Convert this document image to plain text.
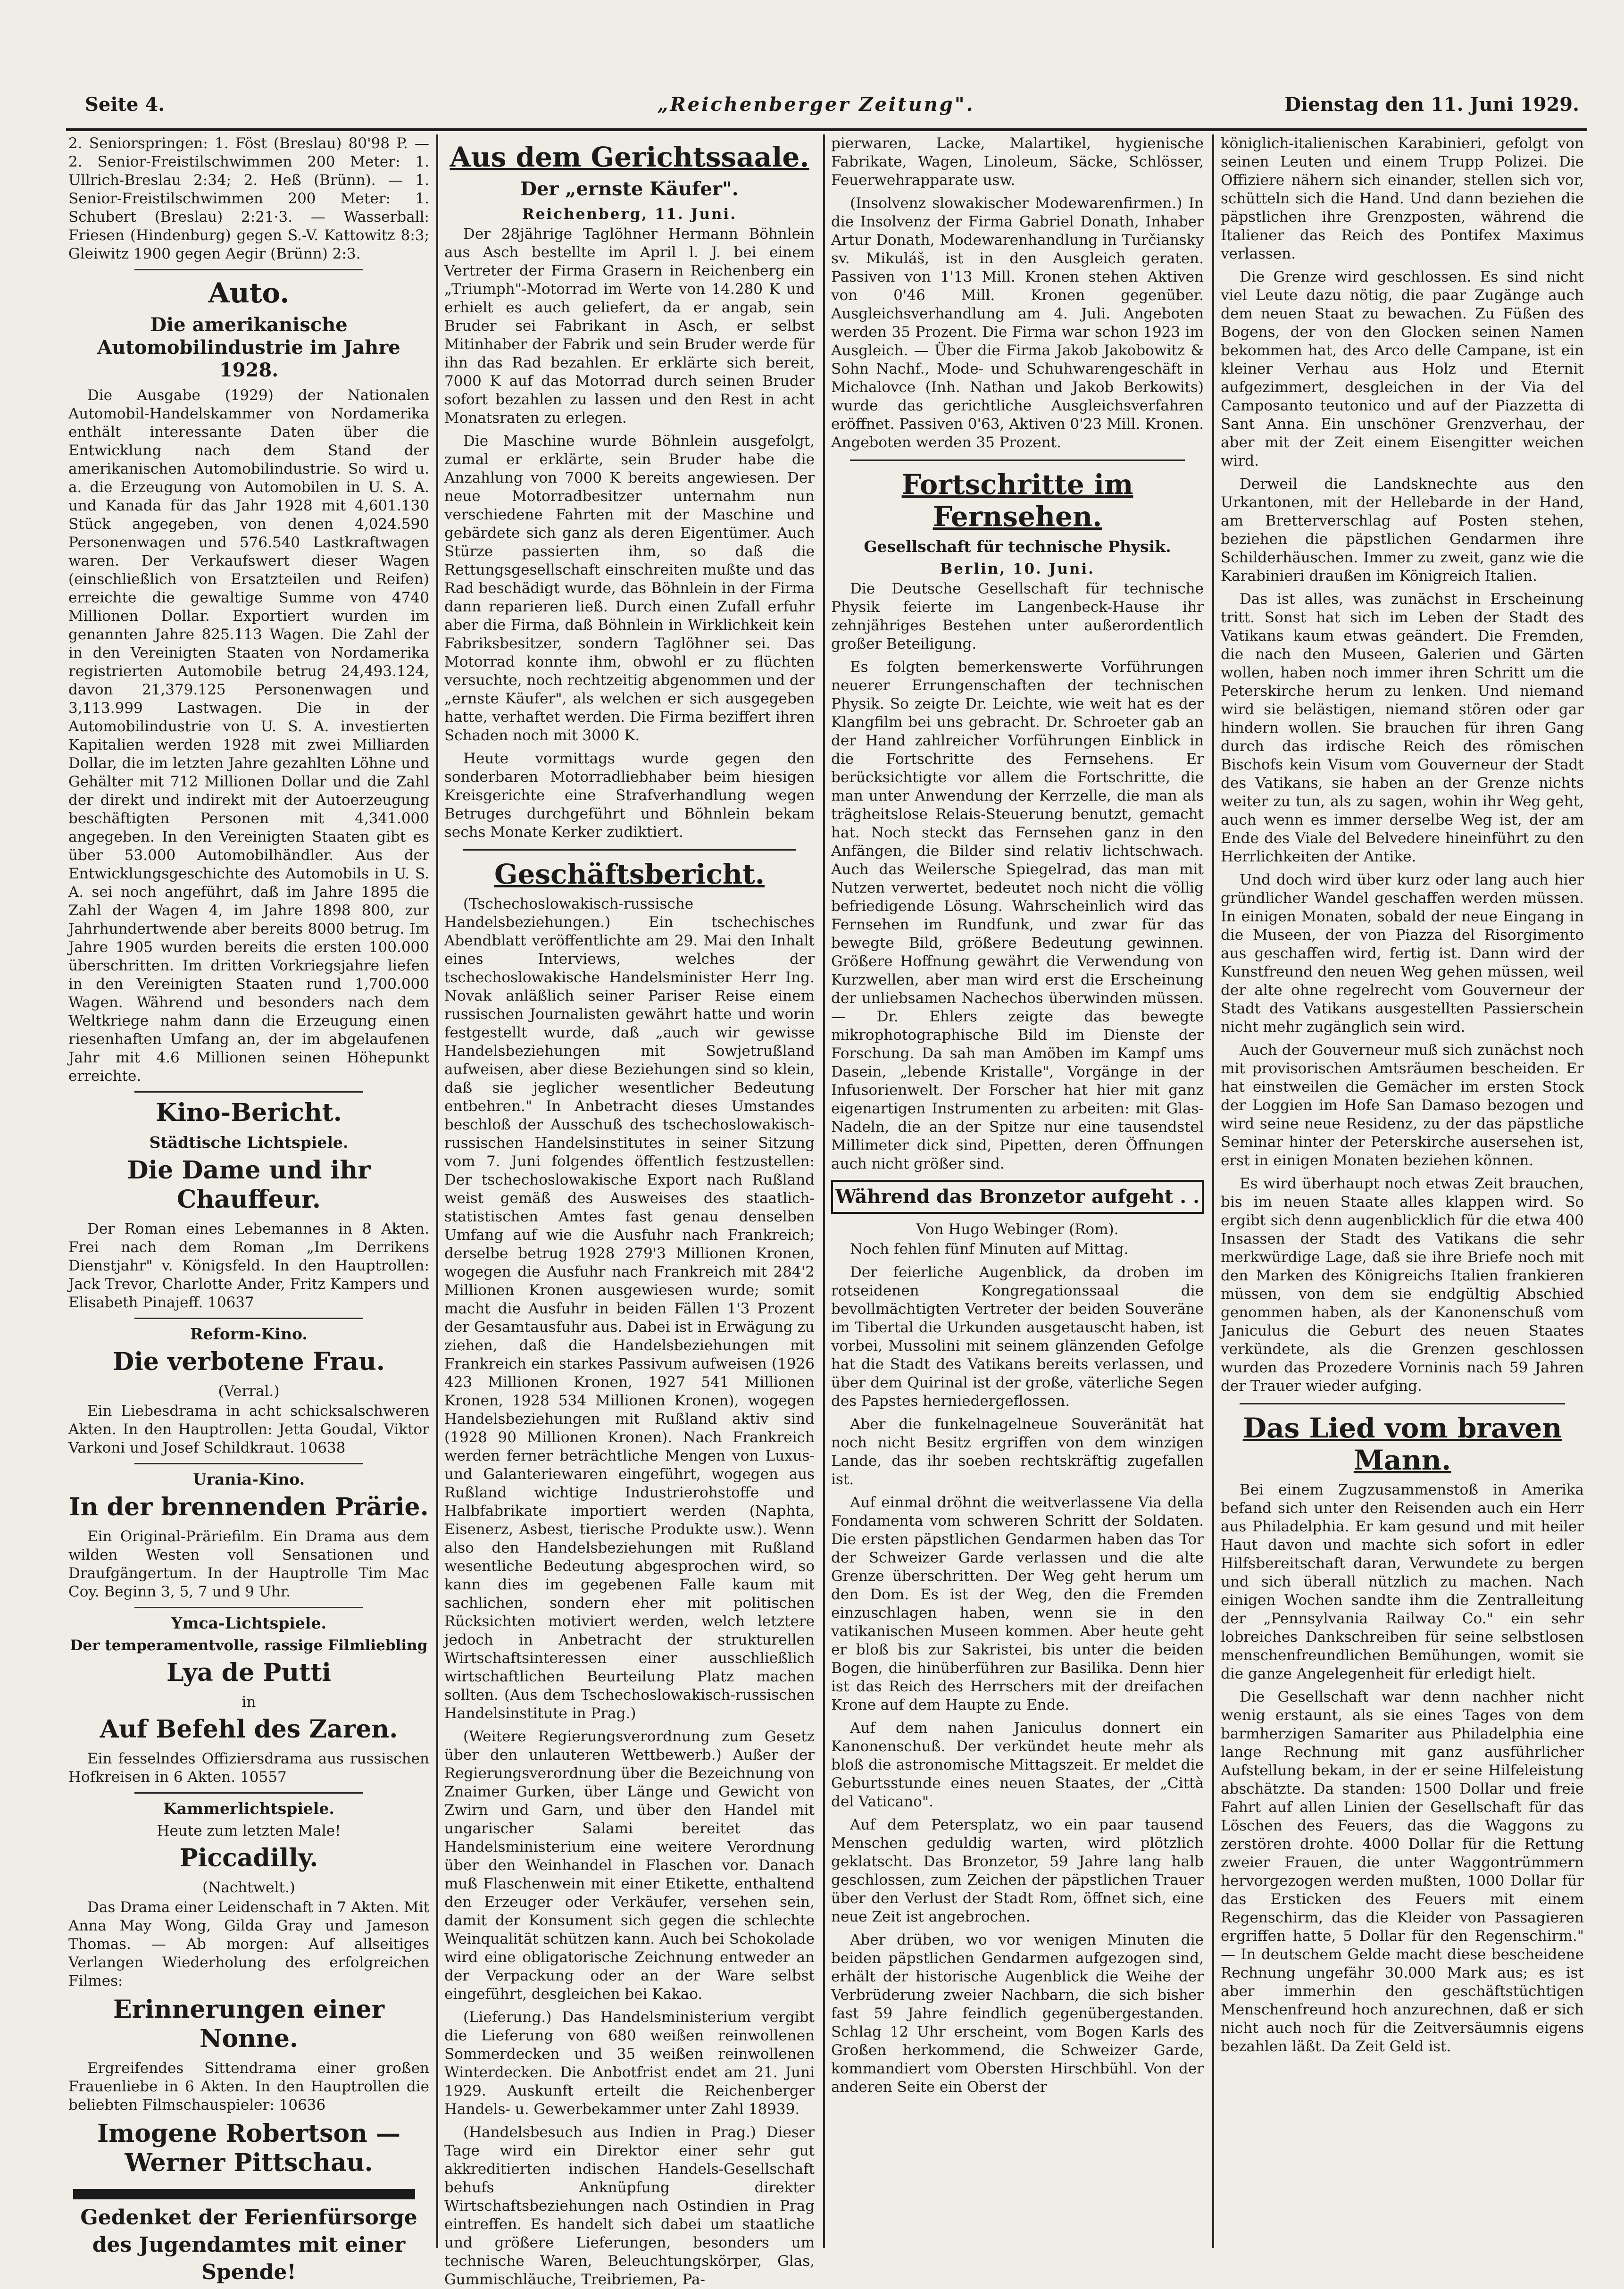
Seite 4.	„Reichenberger Zeitung".	Dienstag den 11. Juni 1929.

2. Seniorspringen: 1. Föst (Breslau) 80'98 P. — 2. Senior-Freistilschwimmen 200 Meter: 1. Ullrich-Breslau 2:34; 2. Heß (Brünn). — 1. Senior-Freistilschwimmen 200 Meter: 1. Schubert (Breslau) 2:21·3. — Wasserball: Friesen (Hindenburg) gegen S.-V. Kattowitz 8:3; Gleiwitz 1900 gegen Aegir (Brünn) 2:3.

Auto.
Die amerikanische Automobilindustrie im Jahre 1928.

Die Ausgabe (1929) der Nationalen Automobil-Handelskammer von Nordamerika enthält interessante Daten über die Entwicklung nach dem Stand der amerikanischen Automobilindustrie. So wird u. a. die Erzeugung von Automobilen in U. S. A. und Kanada für das Jahr 1928 mit 4,601.130 Stück angegeben, von denen 4,024.590 Personenwagen und 576.540 Lastkraftwagen waren. Der Verkaufswert dieser Wagen (einschließlich von Ersatzteilen und Reifen) erreichte die gewaltige Summe von 4740 Millionen Dollar. Exportiert wurden im genannten Jahre 825.113 Wagen. Die Zahl der in den Vereinigten Staaten von Nordamerika registrierten Automobile betrug 24,493.124, davon 21,379.125 Personenwagen und 3,113.999 Lastwagen. Die in der Automobilindustrie von U. S. A. investierten Kapitalien werden 1928 mit zwei Milliarden Dollar, die im letzten Jahre gezahlten Löhne und Gehälter mit 712 Millionen Dollar und die Zahl der direkt und indirekt mit der Autoerzeugung beschäftigten Personen mit 4,341.000 angegeben. In den Vereinigten Staaten gibt es über 53.000 Automobilhändler. Aus der Entwicklungsgeschichte des Automobils in U. S. A. sei noch angeführt, daß im Jahre 1895 die Zahl der Wagen 4, im Jahre 1898 800, zur Jahrhundertwende aber bereits 8000 betrug. Im Jahre 1905 wurden bereits die ersten 100.000 überschritten. Im dritten Vorkriegsjahre liefen in den Vereinigten Staaten rund 1,700.000 Wagen. Während und besonders nach dem Weltkriege nahm dann die Erzeugung einen riesenhaften Umfang an, der im abgelaufenen Jahr mit 4.6 Millionen seinen Höhepunkt erreichte.

Kino-Bericht.
Städtische Lichtspiele.
Die Dame und ihr Chauffeur.

Der Roman eines Lebemannes in 8 Akten. Frei nach dem Roman „Im Derrikens Dienstjahr" v. Königsfeld. In den Hauptrollen: Jack Trevor, Charlotte Ander, Fritz Kampers und Elisabeth Pinajeff. 10637

Reform-Kino.
Die verbotene Frau.
(Verral.)

Ein Liebesdrama in acht schicksalschweren Akten. In den Hauptrollen: Jetta Goudal, Viktor Varkoni und Josef Schildkraut. 10638

Urania-Kino.
In der brennenden Prärie.

Ein Original-Präriefilm. Ein Drama aus dem wilden Westen voll Sensationen und Draufgängertum. In der Hauptrolle Tim Mac Coy. Beginn 3, 5, 7 und 9 Uhr.

Ymca-Lichtspiele.
Der temperamentvolle, rassige Filmliebling
Lya de Putti
in
Auf Befehl des Zaren.

Ein fesselndes Offiziersdrama aus russischen Hofkreisen in 6 Akten. 10557

Kammerlichtspiele.
Heute zum letzten Male!
Piccadilly.
(Nachtwelt.)

Das Drama einer Leidenschaft in 7 Akten. Mit Anna May Wong, Gilda Gray und Jameson Thomas. — Ab morgen: Auf allseitiges Verlangen Wiederholung des erfolgreichen Filmes:

Erinnerungen einer Nonne.

Ergreifendes Sittendrama einer großen Frauenliebe in 6 Akten. In den Hauptrollen die beliebten Filmschauspieler: 10636

Imogene Robertson — Werner Pittschau.
Gedenket der Ferienfürsorge des Jugendamtes mit einer Spende!
Aus dem Gerichtssaale.
Der „ernste Käufer".
Reichenberg, 11. Juni.

Der 28jährige Taglöhner Hermann Böhnlein aus Asch bestellte im April l. J. bei einem Vertreter der Firma Grasern in Reichenberg ein „Triumph"-Motorrad im Werte von 14.280 K und erhielt es auch geliefert, da er angab, sein Bruder sei Fabrikant in Asch, er selbst Mitinhaber der Fabrik und sein Bruder werde für ihn das Rad bezahlen. Er erklärte sich bereit, 7000 K auf das Motorrad durch seinen Bruder sofort bezahlen zu lassen und den Rest in acht Monatsraten zu erlegen.

Die Maschine wurde Böhnlein ausgefolgt, zumal er erklärte, sein Bruder habe die Anzahlung von 7000 K bereits angewiesen. Der neue Motorradbesitzer unternahm nun verschiedene Fahrten mit der Maschine und gebärdete sich ganz als deren Eigentümer. Auch Stürze passierten ihm, so daß die Rettungsgesellschaft einschreiten mußte und das Rad beschädigt wurde, das Böhnlein in der Firma dann reparieren ließ. Durch einen Zufall erfuhr aber die Firma, daß Böhnlein in Wirklichkeit kein Fabriksbesitzer, sondern Taglöhner sei. Das Motorrad konnte ihm, obwohl er zu flüchten versuchte, noch rechtzeitig abgenommen und der „ernste Käufer", als welchen er sich ausgegeben hatte, verhaftet werden. Die Firma beziffert ihren Schaden noch mit 3000 K.

Heute vormittags wurde gegen den sonderbaren Motorradliebhaber beim hiesigen Kreisgerichte eine Strafverhandlung wegen Betruges durchgeführt und Böhnlein bekam sechs Monate Kerker zudiktiert.

Geschäftsbericht.

(Tschechoslowakisch-russische Handelsbeziehungen.) Ein tschechisches Abendblatt veröffentlichte am 29. Mai den Inhalt eines Interviews, welches der tschechoslowakische Handelsminister Herr Ing. Novak anläßlich seiner Pariser Reise einem russischen Journalisten gewährt hatte und worin festgestellt wurde, daß „auch wir gewisse Handelsbeziehungen mit Sowjetrußland aufweisen, aber diese Beziehungen sind so klein, daß sie jeglicher wesentlicher Bedeutung entbehren." In Anbetracht dieses Umstandes beschloß der Ausschuß des tschechoslowakisch-russischen Handelsinstitutes in seiner Sitzung vom 7. Juni folgendes öffentlich festzustellen: Der tschechoslowakische Export nach Rußland weist gemäß des Ausweises des staatlich-statistischen Amtes fast genau denselben Umfang auf wie die Ausfuhr nach Frankreich; derselbe betrug 1928 279'3 Millionen Kronen, wogegen die Ausfuhr nach Frankreich mit 284'2 Millionen Kronen ausgewiesen wurde; somit macht die Ausfuhr in beiden Fällen 1'3 Prozent der Gesamtausfuhr aus. Dabei ist in Erwägung zu ziehen, daß die Handelsbeziehungen mit Frankreich ein starkes Passivum aufweisen (1926 423 Millionen Kronen, 1927 541 Millionen Kronen, 1928 534 Millionen Kronen), wogegen Handelsbeziehungen mit Rußland aktiv sind (1928 90 Millionen Kronen). Nach Frankreich werden ferner beträchtliche Mengen von Luxus- und Galanteriewaren eingeführt, wogegen aus Rußland wichtige Industrierohstoffe und Halbfabrikate importiert werden (Naphta, Eisenerz, Asbest, tierische Produkte usw.). Wenn also den Handelsbeziehungen mit Rußland wesentliche Bedeutung abgesprochen wird, so kann dies im gegebenen Falle kaum mit sachlichen, sondern eher mit politischen Rücksichten motiviert werden, welch letztere jedoch in Anbetracht der strukturellen Wirtschaftsinteressen einer ausschließlich wirtschaftlichen Beurteilung Platz machen sollten. (Aus dem Tschechoslowakisch-russischen Handelsinstitute in Prag.)

(Weitere Regierungsverordnung zum Gesetz über den unlauteren Wettbewerb.) Außer der Regierungsverordnung über die Bezeichnung von Znaimer Gurken, über Länge und Gewicht von Zwirn und Garn, und über den Handel mit ungarischer Salami bereitet das Handelsministerium eine weitere Verordnung über den Weinhandel in Flaschen vor. Danach muß Flaschenwein mit einer Etikette, enthaltend den Erzeuger oder Verkäufer, versehen sein, damit der Konsument sich gegen die schlechte Weinqualität schützen kann. Auch bei Schokolade wird eine obligatorische Zeichnung entweder an der Verpackung oder an der Ware selbst eingeführt, desgleichen bei Kakao.

(Lieferung.) Das Handelsministerium vergibt die Lieferung von 680 weißen reinwollenen Sommerdecken und 35 weißen reinwollenen Winterdecken. Die Anbotfrist endet am 21. Juni 1929. Auskunft erteilt die Reichenberger Handels- u. Gewerbekammer unter Zahl 18939.

(Handelsbesuch aus Indien in Prag.) Dieser Tage wird ein Direktor einer sehr gut akkreditierten indischen Handels-Gesellschaft behufs Anknüpfung direkter Wirtschaftsbeziehungen nach Ostindien in Prag eintreffen. Es handelt sich dabei um staatliche und größere Lieferungen, besonders um technische Waren, Beleuchtungskörper, Glas, Gummischläuche, Treibriemen, Pa-

pierwaren, Lacke, Malartikel, hygienische Fabrikate, Wagen, Linoleum, Säcke, Schlösser, Feuerwehrapparate usw.

(Insolvenz slowakischer Modewarenfirmen.) In die Insolvenz der Firma Gabriel Donath, Inhaber Artur Donath, Modewarenhandlung in Turčiansky sv. Mikuláš, ist in den Ausgleich geraten. Passiven von 1'13 Mill. Kronen stehen Aktiven von 0'46 Mill. Kronen gegenüber. Ausgleichsverhandlung am 4. Juli. Angeboten werden 35 Prozent. Die Firma war schon 1923 im Ausgleich. — Über die Firma Jakob Jakobowitz & Sohn Nachf., Mode- und Schuhwarengeschäft in Michalovce (Inh. Nathan und Jakob Berkowits) wurde das gerichtliche Ausgleichsverfahren eröffnet. Passiven 0'63, Aktiven 0'23 Mill. Kronen. Angeboten werden 35 Prozent.

Fortschritte im Fernsehen.
Gesellschaft für technische Physik.
Berlin, 10. Juni.

Die Deutsche Gesellschaft für technische Physik feierte im Langenbeck-Hause ihr zehnjähriges Bestehen unter außerordentlich großer Beteiligung.

Es folgten bemerkenswerte Vorführungen neuerer Errungenschaften der technischen Physik. So zeigte Dr. Leichte, wie weit hat es der Klangfilm bei uns gebracht. Dr. Schroeter gab an der Hand zahlreicher Vorführungen Einblick in die Fortschritte des Fernsehens. Er berücksichtigte vor allem die Fortschritte, die man unter Anwendung der Kerrzelle, die man als trägheitslose Relais-Steuerung benutzt, gemacht hat. Noch steckt das Fernsehen ganz in den Anfängen, die Bilder sind relativ lichtschwach. Auch das Weilersche Spiegelrad, das man mit Nutzen verwertet, bedeutet noch nicht die völlig befriedigende Lösung. Wahrscheinlich wird das Fernsehen im Rundfunk, und zwar für das bewegte Bild, größere Bedeutung gewinnen. Größere Hoffnung gewährt die Verwendung von Kurzwellen, aber man wird erst die Erscheinung der unliebsamen Nachechos überwinden müssen. — Dr. Ehlers zeigte das bewegte mikrophotographische Bild im Dienste der Forschung. Da sah man Amöben im Kampf ums Dasein, „lebende Kristalle", Vorgänge in der Infusorienwelt. Der Forscher hat hier mit ganz eigenartigen Instrumenten zu arbeiten: mit Glas-Nadeln, die an der Spitze nur eine tausendstel Millimeter dick sind, Pipetten, deren Öffnungen auch nicht größer sind.

Während das Bronzetor aufgeht . .
Von Hugo Webinger (Rom).

Noch fehlen fünf Minuten auf Mittag.

Der feierliche Augenblick, da droben im rotseidenen Kongregationssaal die bevollmächtigten Vertreter der beiden Souveräne im Tibertal die Urkunden ausgetauscht haben, ist vorbei, Mussolini mit seinem glänzenden Gefolge hat die Stadt des Vatikans bereits verlassen, und über dem Quirinal ist der große, väterliche Segen des Papstes herniedergeflossen.

Aber die funkelnagelneue Souveränität hat noch nicht Besitz ergriffen von dem winzigen Lande, das ihr soeben rechtskräftig zugefallen ist.

Auf einmal dröhnt die weitverlassene Via della Fondamenta vom schweren Schritt der Soldaten. Die ersten päpstlichen Gendarmen haben das Tor der Schweizer Garde verlassen und die alte Grenze überschritten. Der Weg geht herum um den Dom. Es ist der Weg, den die Fremden einzuschlagen haben, wenn sie in den vatikanischen Museen kommen. Aber heute geht er bloß bis zur Sakristei, bis unter die beiden Bogen, die hinüberführen zur Basilika. Denn hier ist das Reich des Herrschers mit der dreifachen Krone auf dem Haupte zu Ende.

Auf dem nahen Janiculus donnert ein Kanonenschuß. Der verkündet heute mehr als bloß die astronomische Mittagszeit. Er meldet die Geburtsstunde eines neuen Staates, der „Città del Vaticano".

Auf dem Petersplatz, wo ein paar tausend Menschen geduldig warten, wird plötzlich geklatscht. Das Bronzetor, 59 Jahre lang halb geschlossen, zum Zeichen der päpstlichen Trauer über den Verlust der Stadt Rom, öffnet sich, eine neue Zeit ist angebrochen.

Aber drüben, wo vor wenigen Minuten die beiden päpstlichen Gendarmen aufgezogen sind, erhält der historische Augenblick die Weihe der Verbrüderung zweier Nachbarn, die sich bisher fast 59 Jahre feindlich gegenübergestanden. Schlag 12 Uhr erscheint, vom Bogen Karls des Großen herkommend, die Schweizer Garde, kommandiert vom Obersten Hirschbühl. Von der anderen Seite ein Oberst der

königlich-italienischen Karabinieri, gefolgt von seinen Leuten und einem Trupp Polizei. Die Offiziere nähern sich einander, stellen sich vor, schütteln sich die Hand. Und dann beziehen die päpstlichen ihre Grenzposten, während die Italiener das Reich des Pontifex Maximus verlassen.

Die Grenze wird geschlossen. Es sind nicht viel Leute dazu nötig, die paar Zugänge auch dem neuen Staat zu bewachen. Zu Füßen des Bogens, der von den Glocken seinen Namen bekommen hat, des Arco delle Campane, ist ein kleiner Verhau aus Holz und Eternit aufgezimmert, desgleichen in der Via del Camposanto teutonico und auf der Piazzetta di Sant Anna. Ein unschöner Grenzverhau, der aber mit der Zeit einem Eisengitter weichen wird.

Derweil die Landsknechte aus den Urkantonen, mit der Hellebarde in der Hand, am Bretterverschlag auf Posten stehen, beziehen die päpstlichen Gendarmen ihre Schilderhäuschen. Immer zu zweit, ganz wie die Karabinieri draußen im Königreich Italien.

Das ist alles, was zunächst in Erscheinung tritt. Sonst hat sich im Leben der Stadt des Vatikans kaum etwas geändert. Die Fremden, die nach den Museen, Galerien und Gärten wollen, haben noch immer ihren Schritt um die Peterskirche herum zu lenken. Und niemand wird sie belästigen, niemand stören oder gar hindern wollen. Sie brauchen für ihren Gang durch das irdische Reich des römischen Bischofs kein Visum vom Gouverneur der Stadt des Vatikans, sie haben an der Grenze nichts weiter zu tun, als zu sagen, wohin ihr Weg geht, auch wenn es immer derselbe Weg ist, der am Ende des Viale del Belvedere hineinführt zu den Herrlichkeiten der Antike.

Und doch wird über kurz oder lang auch hier gründlicher Wandel geschaffen werden müssen. In einigen Monaten, sobald der neue Eingang in die Museen, der von Piazza del Risorgimento aus geschaffen wird, fertig ist. Dann wird der Kunstfreund den neuen Weg gehen müssen, weil der alte ohne regelrecht vom Gouverneur der Stadt des Vatikans ausgestellten Passierschein nicht mehr zugänglich sein wird.

Auch der Gouverneur muß sich zunächst noch mit provisorischen Amtsräumen bescheiden. Er hat einstweilen die Gemächer im ersten Stock der Loggien im Hofe San Damaso bezogen und wird seine neue Residenz, zu der das päpstliche Seminar hinter der Peterskirche ausersehen ist, erst in einigen Monaten beziehen können.

Es wird überhaupt noch etwas Zeit brauchen, bis im neuen Staate alles klappen wird. So ergibt sich denn augenblicklich für die etwa 400 Insassen der Stadt des Vatikans die sehr merkwürdige Lage, daß sie ihre Briefe noch mit den Marken des Königreichs Italien frankieren müssen, von dem sie endgültig Abschied genommen haben, als der Kanonenschuß vom Janiculus die Geburt des neuen Staates verkündete, als die Grenzen geschlossen wurden das Prozedere Vorninis nach 59 Jahren der Trauer wieder aufging.

Das Lied vom braven Mann.

Bei einem Zugzusammenstoß in Amerika befand sich unter den Reisenden auch ein Herr aus Philadelphia. Er kam gesund und mit heiler Haut davon und machte sich sofort in edler Hilfsbereitschaft daran, Verwundete zu bergen und sich überall nützlich zu machen. Nach einigen Wochen sandte ihm die Zentralleitung der „Pennsylvania Railway Co." ein sehr lobreiches Dankschreiben für seine selbstlosen menschenfreundlichen Bemühungen, womit sie die ganze Angelegenheit für erledigt hielt.

Die Gesellschaft war denn nachher nicht wenig erstaunt, als sie eines Tages von dem barmherzigen Samariter aus Philadelphia eine lange Rechnung mit ganz ausführlicher Aufstellung bekam, in der er seine Hilfeleistung abschätzte. Da standen: 1500 Dollar und freie Fahrt auf allen Linien der Gesellschaft für das Löschen des Feuers, das die Waggons zu zerstören drohte. 4000 Dollar für die Rettung zweier Frauen, die unter Waggontrümmern hervorgezogen werden mußten, 1000 Dollar für das Ersticken des Feuers mit einem Regenschirm, das die Kleider von Passagieren ergriffen hatte, 5 Dollar für den Regenschirm." — In deutschem Gelde macht diese bescheidene Rechnung ungefähr 30.000 Mark aus; es ist aber immerhin den geschäftstüchtigen Menschenfreund hoch anzurechnen, daß er sich nicht auch noch für die Zeitversäumnis eigens bezahlen läßt. Da Zeit Geld ist.
